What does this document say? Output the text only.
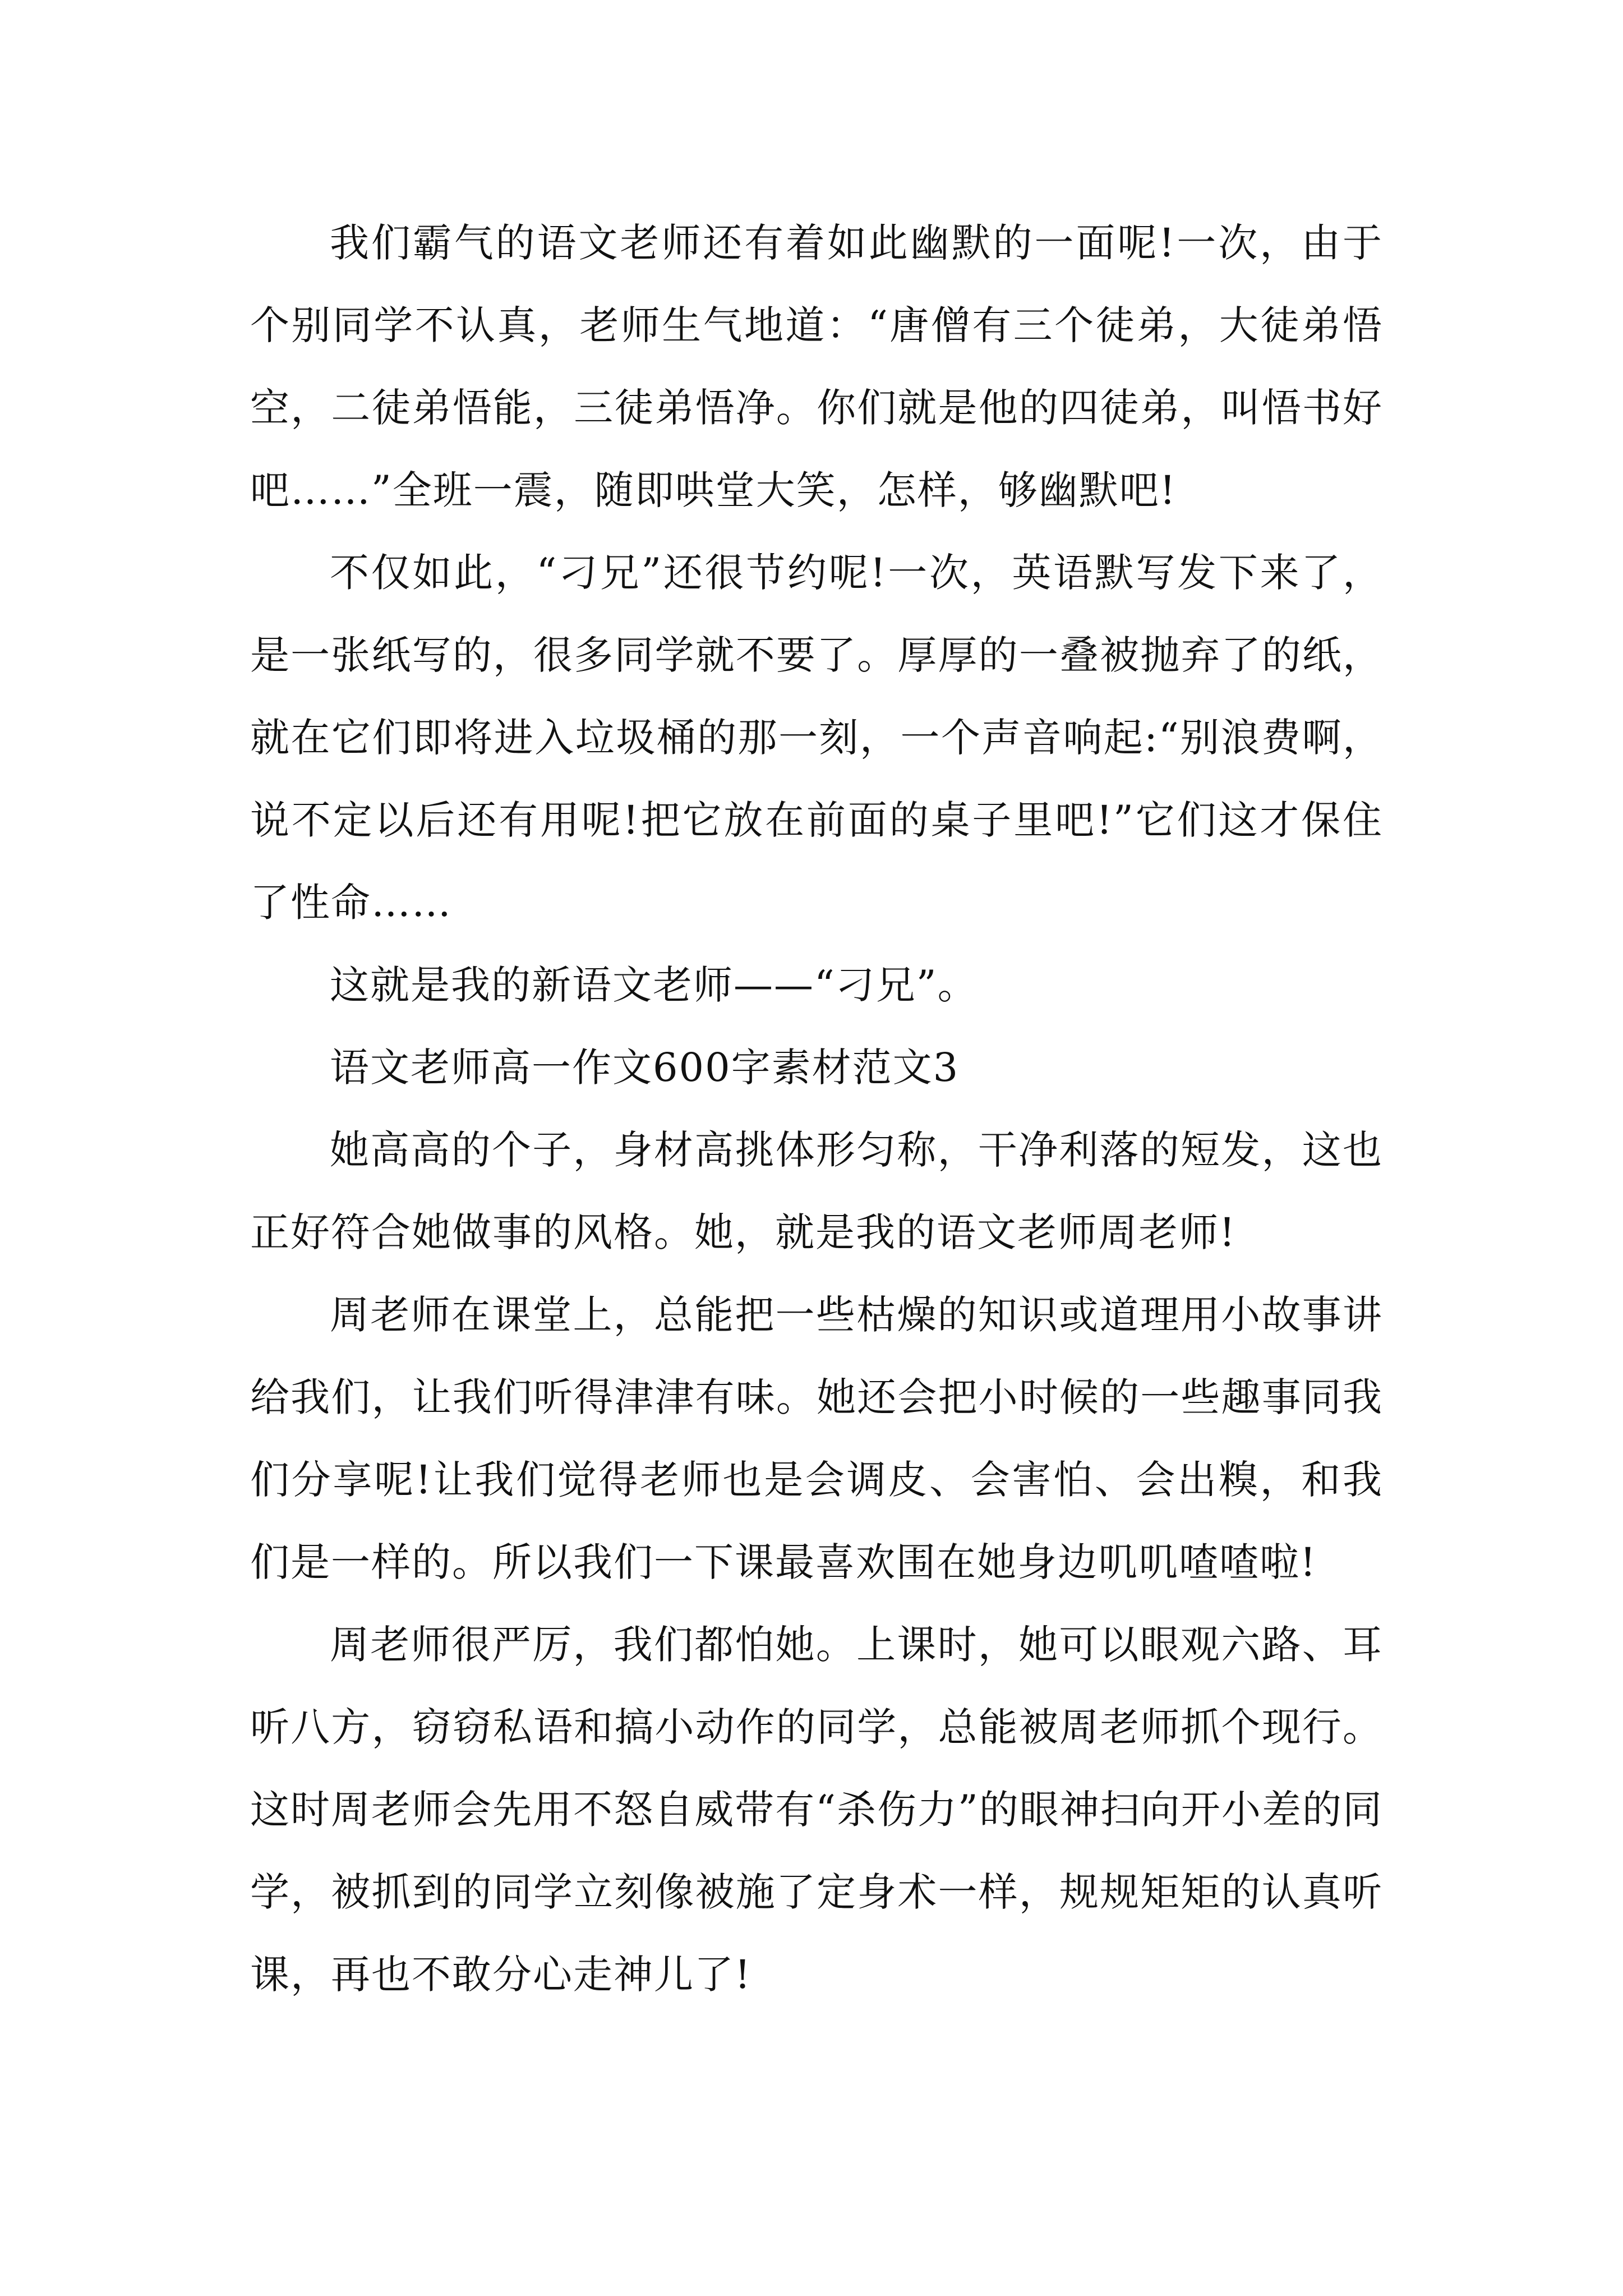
我们霸气的语文老师还有着如此幽默的一面呢!一次，由于个别同学不认真，老师生气地道：“唐僧有三个徒弟，大徒弟悟空，二徒弟悟能，三徒弟悟净。你们就是他的四徒弟，叫悟书好吧……”全班一震，随即哄堂大笑，怎样，够幽默吧!

不仅如此，“刁兄”还很节约呢!一次，英语默写发下来了，是一张纸写的，很多同学就不要了。厚厚的一叠被抛弃了的纸，就在它们即将进入垃圾桶的那一刻，一个声音响起:“别浪费啊，说不定以后还有用呢!把它放在前面的桌子里吧!”它们这才保住了性命……

这就是我的新语文老师——“刁兄”。

语文老师高一作文600字素材范文3

她高高的个子，身材高挑体形匀称，干净利落的短发，这也正好符合她做事的风格。她，就是我的语文老师周老师!

周老师在课堂上，总能把一些枯燥的知识或道理用小故事讲给我们，让我们听得津津有味。她还会把小时候的一些趣事同我们分享呢!让我们觉得老师也是会调皮、会害怕、会出糗，和我们是一样的。所以我们一下课最喜欢围在她身边叽叽喳喳啦!

周老师很严厉，我们都怕她。上课时，她可以眼观六路、耳听八方，窃窃私语和搞小动作的同学，总能被周老师抓个现行。这时周老师会先用不怒自威带有“杀伤力”的眼神扫向开小差的同学，被抓到的同学立刻像被施了定身术一样，规规矩矩的认真听课，再也不敢分心走神儿了!
